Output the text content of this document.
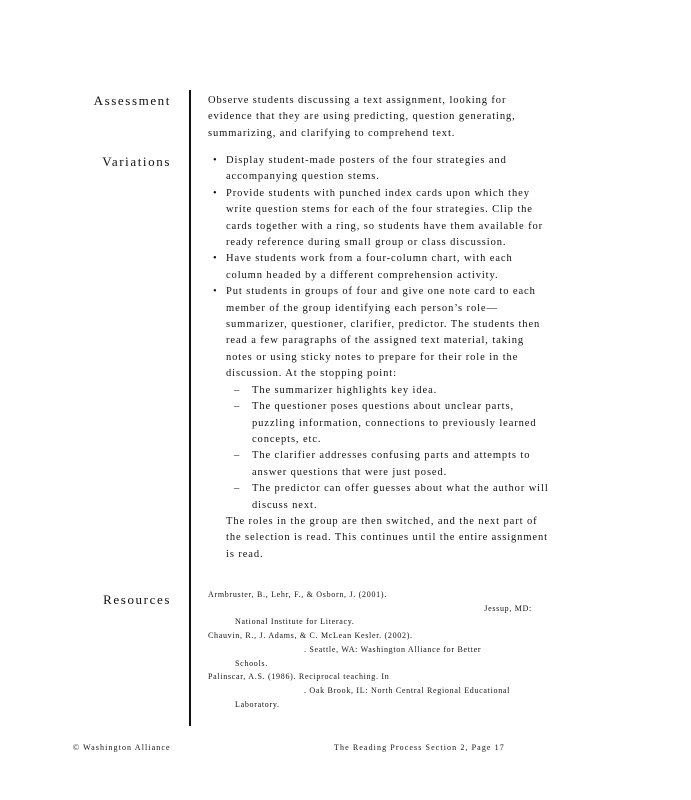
Assessment	Observe students discussing a text assignment, looking for evidence that they are using predicting, question generating, summarizing, and clarifying to comprehend text.

Variations
•	Display student-made posters of the four strategies and accompanying question stems.
• Provide students with punched index cards upon which they write question stems for each of the four strategies. Clip the cards together with a ring, so students have them available for ready reference during small group or class discussion.
• Have students work from a four-column chart, with each column headed by a different comprehension activity.

• Put students in groups of four and give one note card to each member of the group identifying each person’s role—summarizer, questioner, clarifier, predictor. The students then read a few paragraphs of the assigned text material, taking notes or using sticky notes to prepare for their role in the discussion. At the stopping point:

– The summarizer highlights key idea.
– The questioner poses questions about unclear parts, puzzling information, connections to previously learned concepts, etc.
– The clarifier addresses confusing parts and attempts to answer questions that were just posed.
– The predictor can offer guesses about what the author will discuss next.

The roles in the group are then switched, and the next part of the selection is read. This continues until the entire assignment is read.

Resources	Armbruster, B., Lehr, F., & Osborn, J. (2001).
Jessup, MD:
National Institute for Literacy.
Chauvin, R., J. Adams, & C. McLean Kesler. (2002).
. Seattle, WA: Washington Alliance for Better
Schools.
Palinscar, A.S. (1986). Reciprocal teaching. In
. Oak Brook, IL: North Central Regional Educational
Laboratory.
© Washington Alliance	The Reading Process Section 2, Page 17
